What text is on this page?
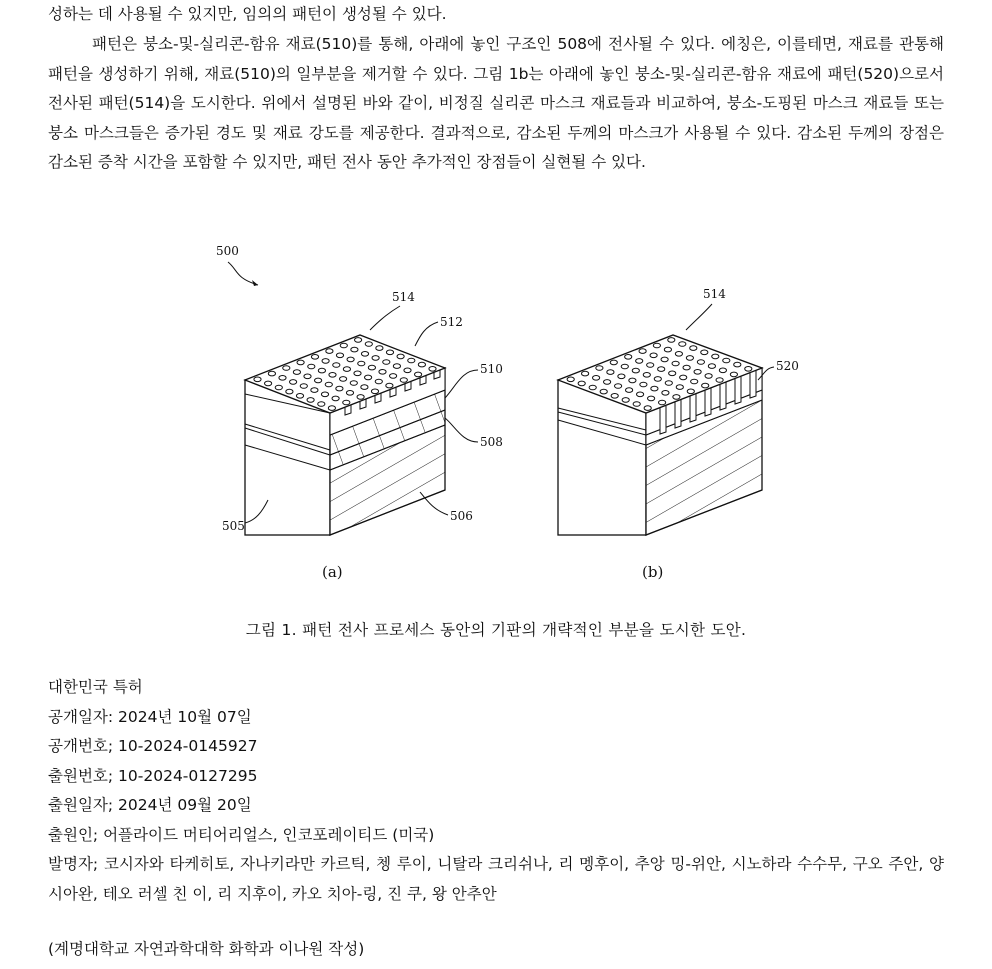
성하는 데 사용될 수 있지만, 임의의 패턴이 생성될 수 있다.

패턴은 붕소-및-실리콘-함유 재료(510)를 통해, 아래에 놓인 구조인 508에 전사될 수 있다. 에칭은, 이를테면, 재료를 관통해 패턴을 생성하기 위해, 재료(510)의 일부분을 제거할 수 있다. 그림 1b는 아래에 놓인 붕소-및-실리콘-함유 재료에 패턴(520)으로서 전사된 패턴(514)을 도시한다. 위에서 설명된 바와 같이, 비정질 실리콘 마스크 재료들과 비교하여, 붕소-도핑된 마스크 재료들 또는 붕소 마스크들은 증가된 경도 및 재료 강도를 제공한다. 결과적으로, 감소된 두께의 마스크가 사용될 수 있다. 감소된 두께의 장점은 감소된 증착 시간을 포함할 수 있지만, 패턴 전사 동안 추가적인 장점들이 실현될 수 있다.

500
514
512
510
508
506
505
(a)
514
520
(b)

그림 1. 패턴 전사 프로세스 동안의 기판의 개략적인 부분을 도시한 도안.

대한민국 특허
공개일자: 2024년 10월 07일
공개번호; 10-2024-0145927
출원번호; 10-2024-0127295
출원일자; 2024년 09월 20일
출원인; 어플라이드 머티어리얼스, 인코포레이티드 (미국)
발명자; 코시자와 타케히토, 자나키라만 카르틱, 쳉 루이, 니탈라 크리쉬나, 리 멩후이, 추앙 밍-위안, 시노하라 수수무, 구오 주안, 양 시아완, 테오 러셀 친 이, 리 지후이, 카오 치아-링, 진 쿠, 왕 안추안

(계명대학교 자연과학대학 화학과 이나원 작성)
